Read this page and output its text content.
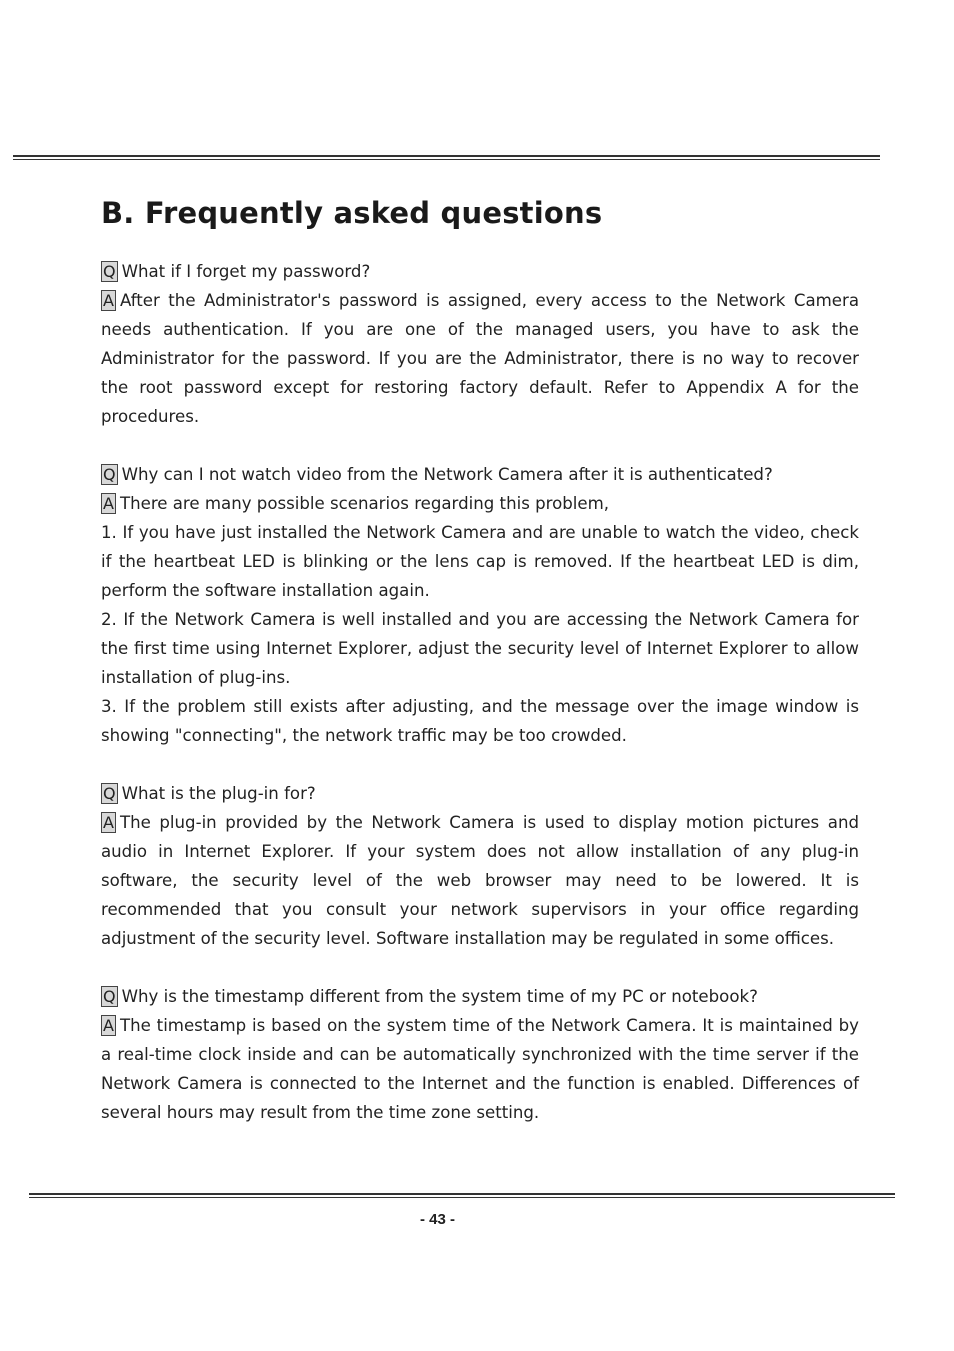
B. Frequently asked questions

Q What if I forget my password?

A After the Administrator's password is assigned, every access to the Network Camera needs authentication. If you are one of the managed users, you have to ask the Administrator for the password. If you are the Administrator, there is no way to recover the root password except for restoring factory default. Refer to Appendix A for the procedures.

Q Why can I not watch video from the Network Camera after it is authenticated?

A There are many possible scenarios regarding this problem,

1. If you have just installed the Network Camera and are unable to watch the video, check if the heartbeat LED is blinking or the lens cap is removed. If the heartbeat LED is dim, perform the software installation again.

2. If the Network Camera is well installed and you are accessing the Network Camera for the first time using Internet Explorer, adjust the security level of Internet Explorer to allow installation of plug-ins.

3. If the problem still exists after adjusting, and the message over the image window is showing "connecting", the network traffic may be too crowded.

Q What is the plug-in for?

A The plug-in provided by the Network Camera is used to display motion pictures and audio in Internet Explorer. If your system does not allow installation of any plug-in software, the security level of the web browser may need to be lowered. It is recommended that you consult your network supervisors in your office regarding adjustment of the security level. Software installation may be regulated in some offices.

Q Why is the timestamp different from the system time of my PC or notebook?

A The timestamp is based on the system time of the Network Camera. It is maintained by a real-time clock inside and can be automatically synchronized with the time server if the Network Camera is connected to the Internet and the function is enabled. Differences of several hours may result from the time zone setting.

- 43 -
